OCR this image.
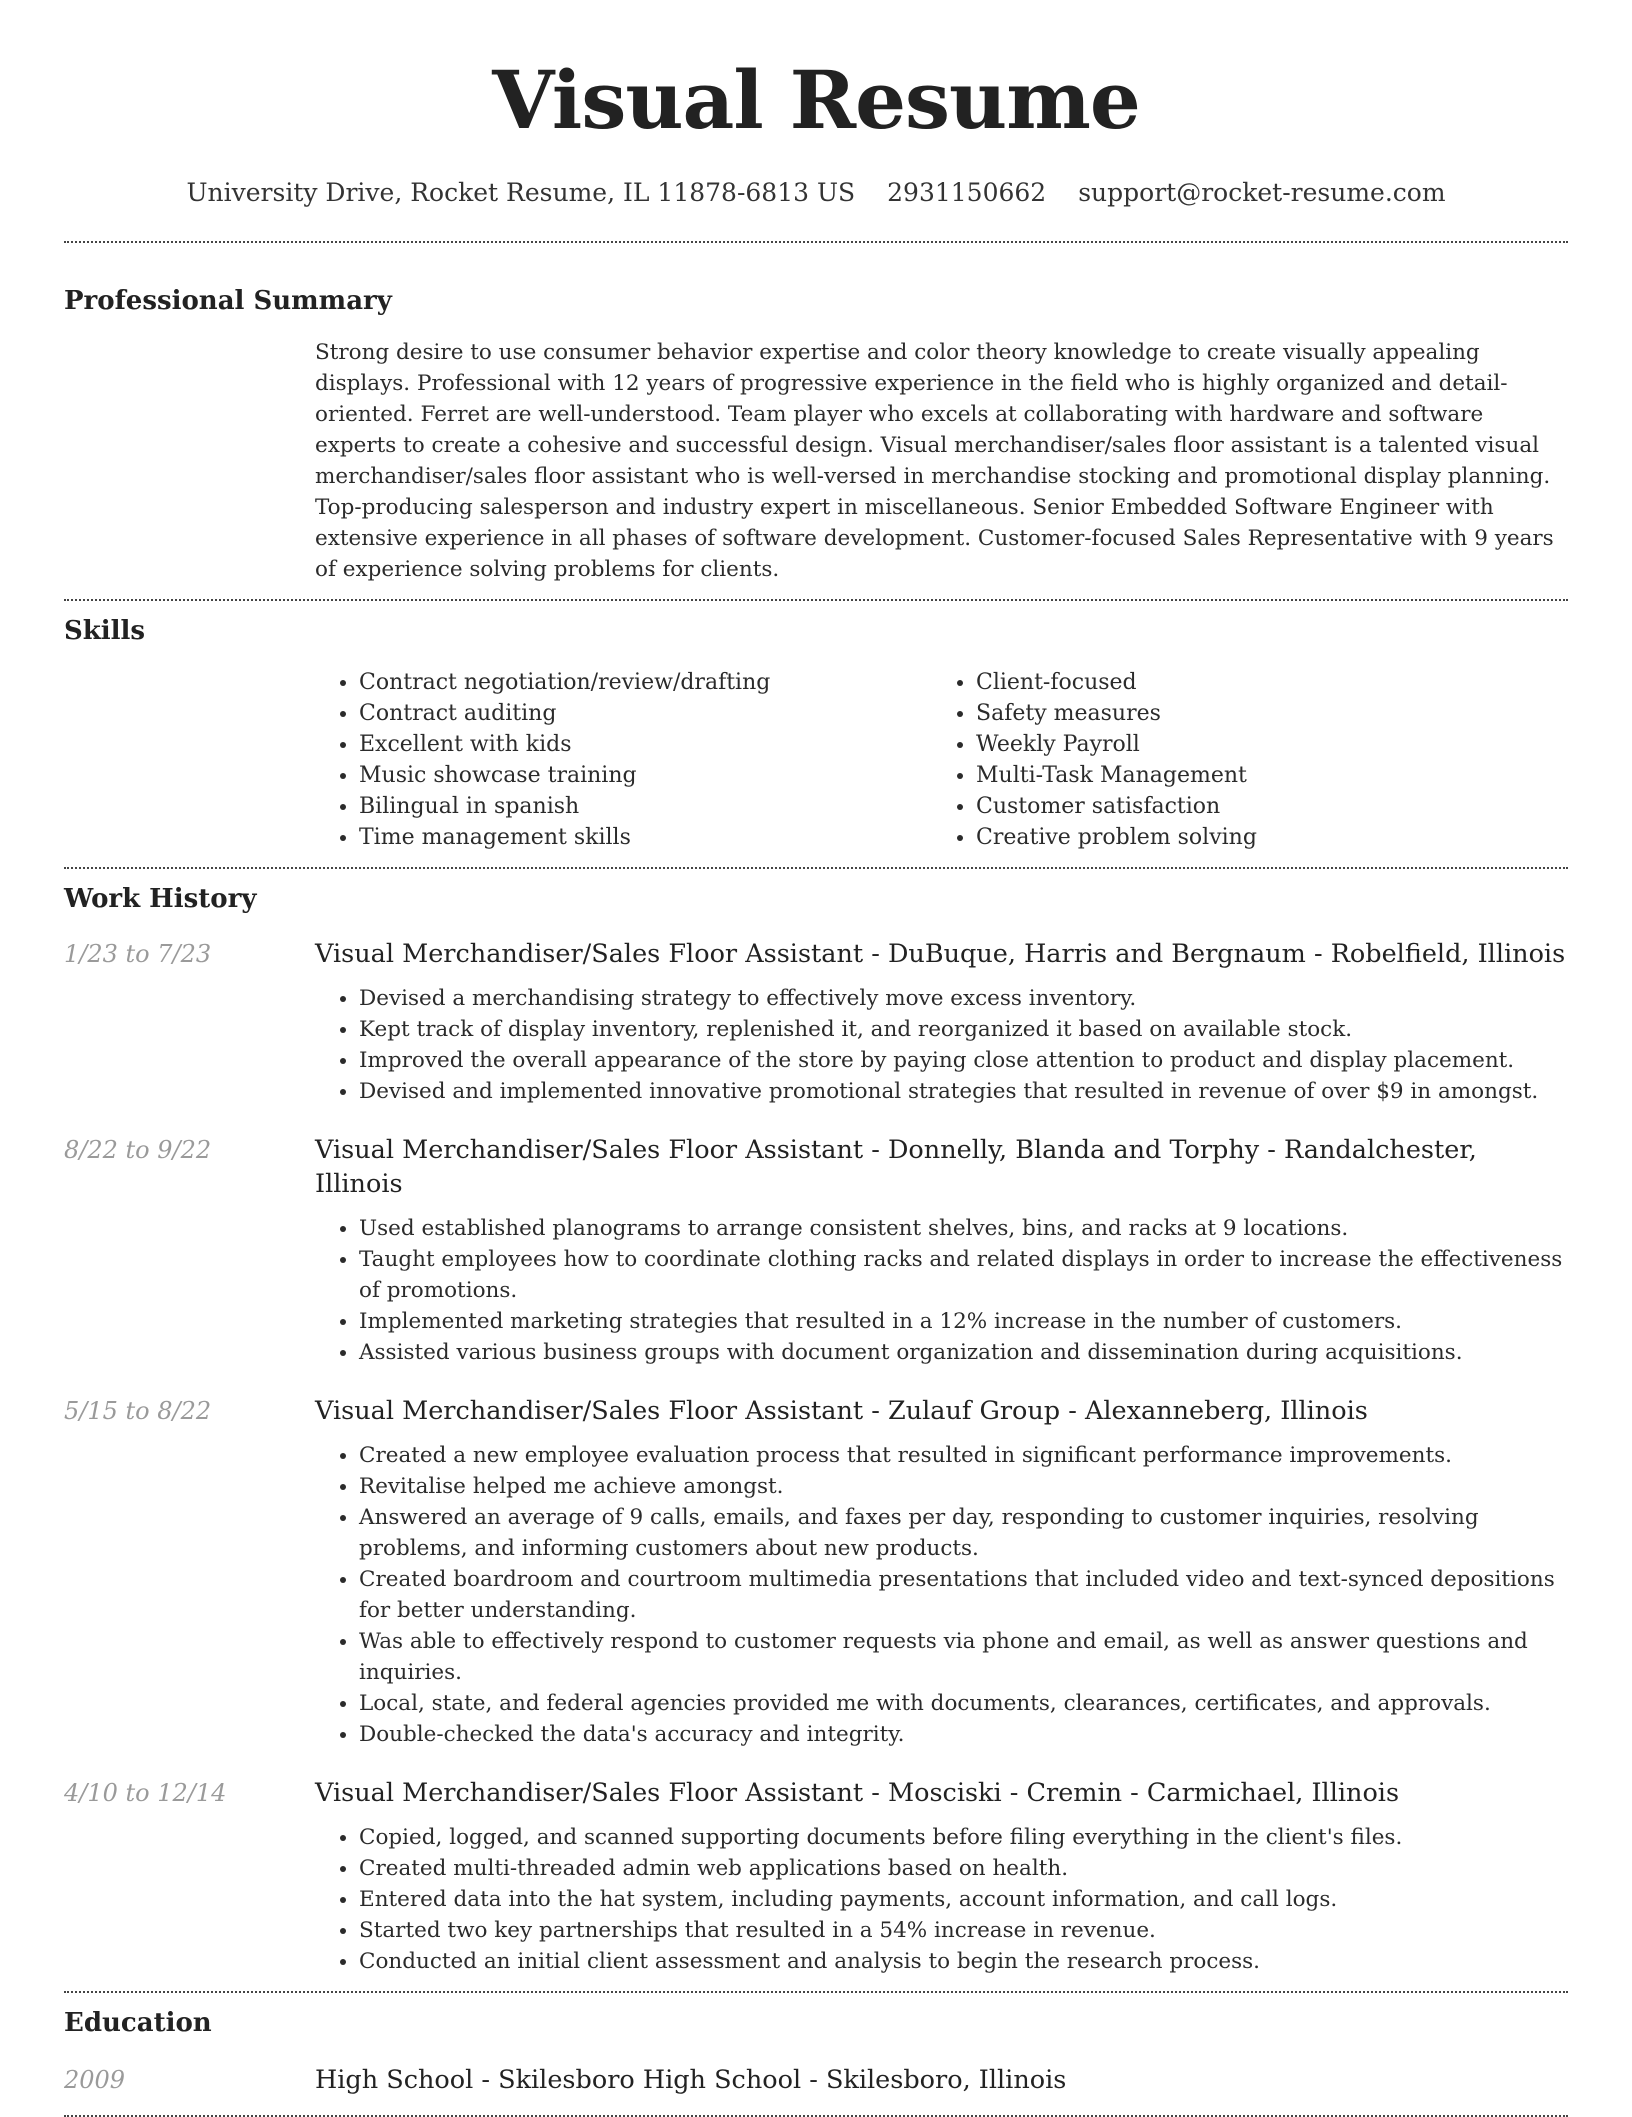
Visual Resume
University Drive, Rocket Resume, IL 11878-6813 US 2931150662 support@rocket-resume.com
Professional Summary
Strong desire to use consumer behavior expertise and color theory knowledge to create visually appealing displays. Professional with 12 years of progressive experience in the field who is highly organized and detail-oriented. Ferret are well-understood. Team player who excels at collaborating with hardware and software experts to create a cohesive and successful design. Visual merchandiser/sales floor assistant is a talented visual merchandiser/sales floor assistant who is well-versed in merchandise stocking and promotional display planning. Top-producing salesperson and industry expert in miscellaneous. Senior Embedded Software Engineer with extensive experience in all phases of software development. Customer-focused Sales Representative with 9 years of experience solving problems for clients.
Skills
• Contract negotiation/review/drafting
• Contract auditing
• Excellent with kids
• Music showcase training
• Bilingual in spanish
• Time management skills
• Client-focused
• Safety measures
• Weekly Payroll
• Multi-Task Management
• Customer satisfaction
• Creative problem solving
Work History
1/23 to 7/23	Visual Merchandiser/Sales Floor Assistant - DuBuque, Harris and Bergnaum - Robelfield, Illinois
• Devised a merchandising strategy to effectively move excess inventory.
• Kept track of display inventory, replenished it, and reorganized it based on available stock.
• Improved the overall appearance of the store by paying close attention to product and display placement.
• Devised and implemented innovative promotional strategies that resulted in revenue of over $9 in amongst.
8/22 to 9/22	Visual Merchandiser/Sales Floor Assistant - Donnelly, Blanda and Torphy - Randalchester, Illinois
• Used established planograms to arrange consistent shelves, bins, and racks at 9 locations.
• Taught employees how to coordinate clothing racks and related displays in order to increase the effectiveness of promotions.
• Implemented marketing strategies that resulted in a 12% increase in the number of customers.
• Assisted various business groups with document organization and dissemination during acquisitions.
5/15 to 8/22	Visual Merchandiser/Sales Floor Assistant - Zulauf Group - Alexanneberg, Illinois
• Created a new employee evaluation process that resulted in significant performance improvements.
• Revitalise helped me achieve amongst.
• Answered an average of 9 calls, emails, and faxes per day, responding to customer inquiries, resolving problems, and informing customers about new products.
• Created boardroom and courtroom multimedia presentations that included video and text-synced depositions for better understanding.
• Was able to effectively respond to customer requests via phone and email, as well as answer questions and inquiries.
• Local, state, and federal agencies provided me with documents, clearances, certificates, and approvals.
• Double-checked the data's accuracy and integrity.
4/10 to 12/14	Visual Merchandiser/Sales Floor Assistant - Mosciski - Cremin - Carmichael, Illinois
• Copied, logged, and scanned supporting documents before filing everything in the client's files.
• Created multi-threaded admin web applications based on health.
• Entered data into the hat system, including payments, account information, and call logs.
• Started two key partnerships that resulted in a 54% increase in revenue.
• Conducted an initial client assessment and analysis to begin the research process.
Education
2009	High School - Skilesboro High School - Skilesboro, Illinois
